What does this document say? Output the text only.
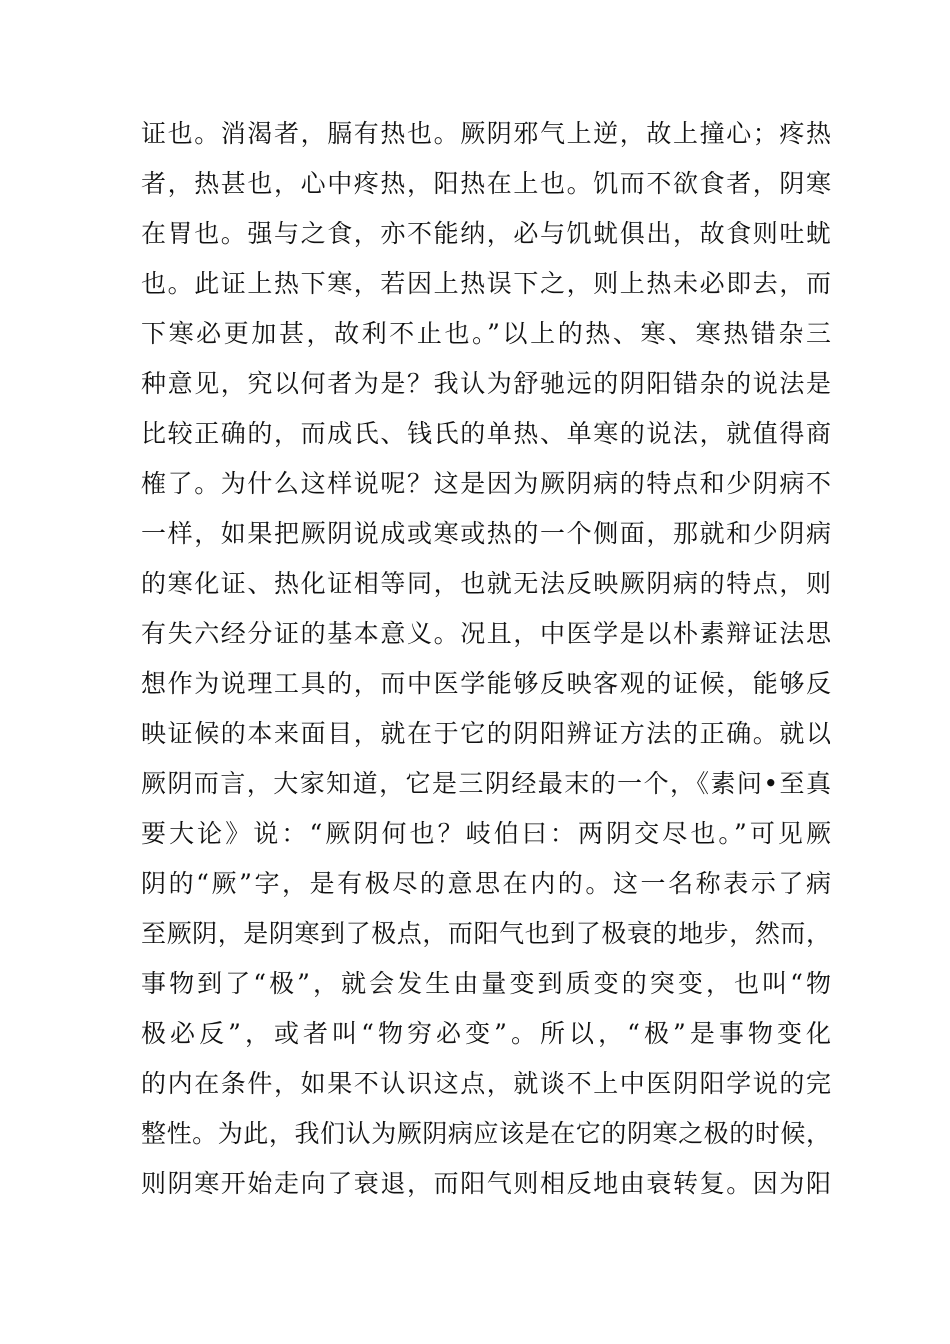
证也。消渴者，膈有热也。厥阴邪气上逆，故上撞心；疼热
者，热甚也，心中疼热，阳热在上也。饥而不欲食者，阴寒
在胃也。强与之食，亦不能纳，必与饥蚘俱出，故食则吐蚘
也。此证上热下寒，若因上热误下之，则上热未必即去，而
下寒必更加甚，故利不止也。”以上的热、寒、寒热错杂三
种意见，究以何者为是？我认为舒驰远的阴阳错杂的说法是
比较正确的，而成氏、钱氏的单热、单寒的说法，就值得商
榷了。为什么这样说呢？这是因为厥阴病的特点和少阴病不
一样，如果把厥阴说成或寒或热的一个侧面，那就和少阴病
的寒化证、热化证相等同，也就无法反映厥阴病的特点，则
有失六经分证的基本意义。况且，中医学是以朴素辩证法思
想作为说理工具的，而中医学能够反映客观的证候，能够反
映证候的本来面目，就在于它的阴阳辨证方法的正确。就以
厥阴而言，大家知道，它是三阴经最末的一个，《素问•至真
要大论》说：“厥阴何也？岐伯曰：两阴交尽也。”可见厥
阴的“厥”字，是有极尽的意思在内的。这一名称表示了病
至厥阴，是阴寒到了极点，而阳气也到了极衰的地步，然而，
事物到了“极”，就会发生由量变到质变的突变，也叫“物
极必反”，或者叫“物穷必变”。所以，“极”是事物变化
的内在条件，如果不认识这点，就谈不上中医阴阳学说的完
整性。为此，我们认为厥阴病应该是在它的阴寒之极的时候，
则阴寒开始走向了衰退，而阳气则相反地由衰转复。因为阳
